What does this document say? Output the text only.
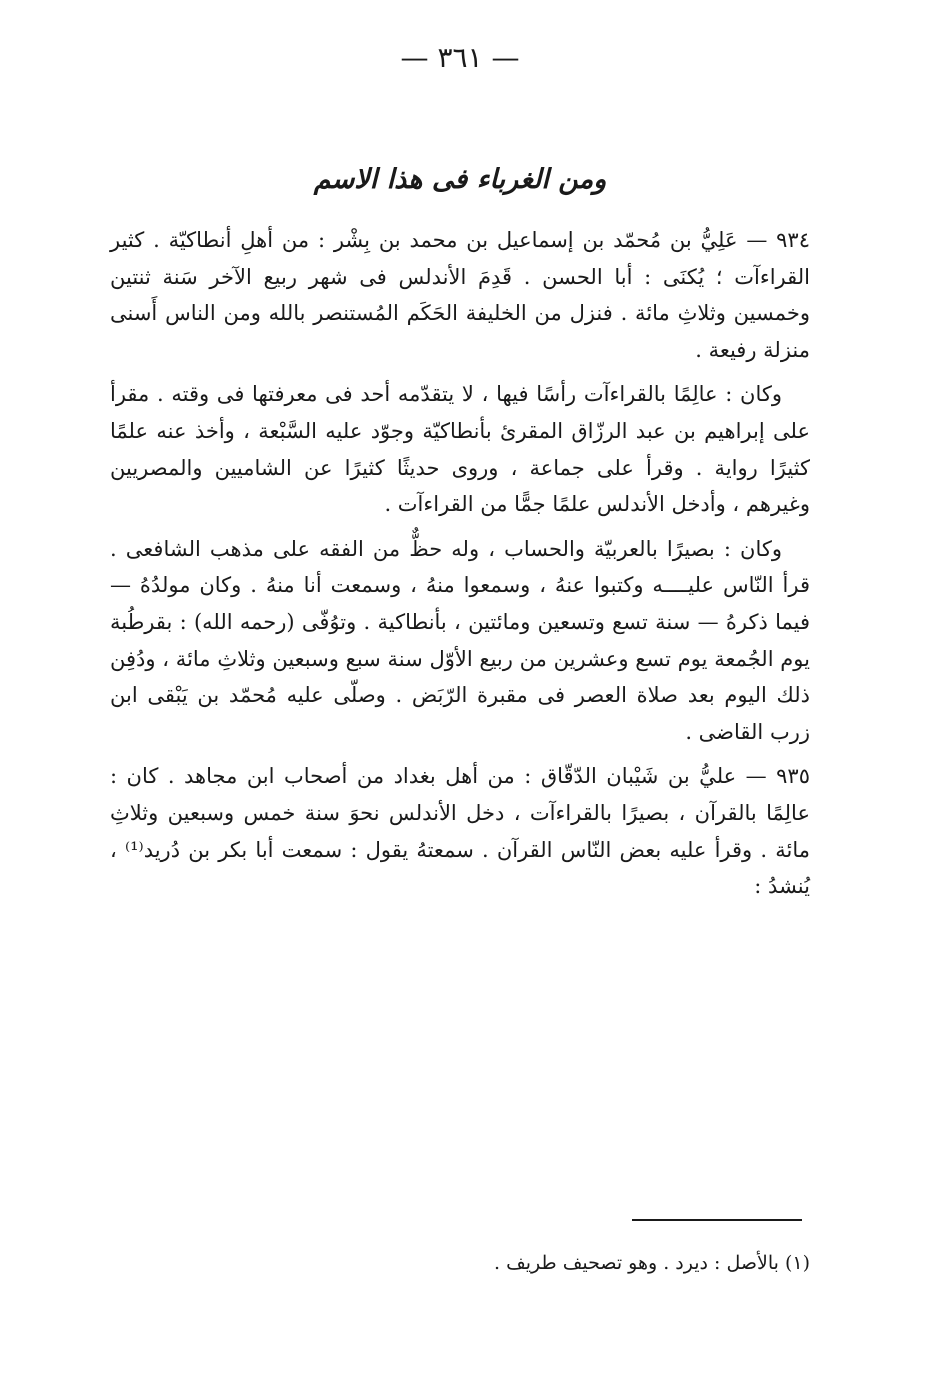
— ٣٦١ —
ومن الغرباء فى هذا الاسم

٩٣٤ — عَلِيُّ بن مُحمّد بن إسماعيل بن محمد بن بِشْر : من أهلِ أنطاكيّة . كثير القراءآت ؛ يُكنَى : أبا الحسن . قَدِمَ الأندلس فى شهر ربيع الآخر سَنة ثنتين وخمسين وثلاثِ مائة . فنزل من الخليفة الحَكَم المُستنصر بالله ومن الناس أَسنى منزلة رفيعة .

وكان : عالِمًا بالقراءآت رأسًا فيها ، لا يتقدّمه أحد فى معرفتها فى وقته . مقرأ على إبراهيم بن عبد الرزّاق المقرئ بأنطاكيّة وجوّد عليه السَّبْعة ، وأخذ عنه علمًا كثيرًا رواية . وقرأ على جماعة ، وروى حديثًا كثيرًا عن الشاميين والمصريين وغيرهم ، وأدخل الأندلس علمًا جمًّا من القراءآت .

وكان : بصيرًا بالعربيّة والحساب ، وله حظٌّ من الفقه على مذهب الشافعى . قرأ النّاس عليــــه وكتبوا عنهُ ، وسمعوا منهُ ، وسمعت أنا منهُ . وكان مولدُهُ — فيما ذكرهُ — سنة تسع وتسعين ومائتين ، بأنطاكية . وتوُفّى (رحمه الله) : بقرطُبة يوم الجُمعة يوم تسع وعشرين من ربيع الأوّل سنة سبع وسبعين وثلاثِ مائة ، ودُفِن ذلك اليوم بعد صلاة العصر فى مقبرة الرّبَض . وصلّى عليه مُحمّد بن يَبْقى ابن زرب القاضى .

٩٣٥ — عليُّ بن شَيْبان الدّقّاق : من أهل بغداد من أصحاب ابن مجاهد . كان : عالِمًا بالقرآن ، بصيرًا بالقراءآت ، دخل الأندلس نحوَ سنة خمس وسبعين وثلاثِ مائة . وقرأ عليه بعض النّاس القرآن . سمعتهُ يقول : سمعت أبا بكر بن دُريد⁽¹⁾ ، يُنشدُ :

(١) بالأصل : ديرد . وهو تصحيف طريف .
